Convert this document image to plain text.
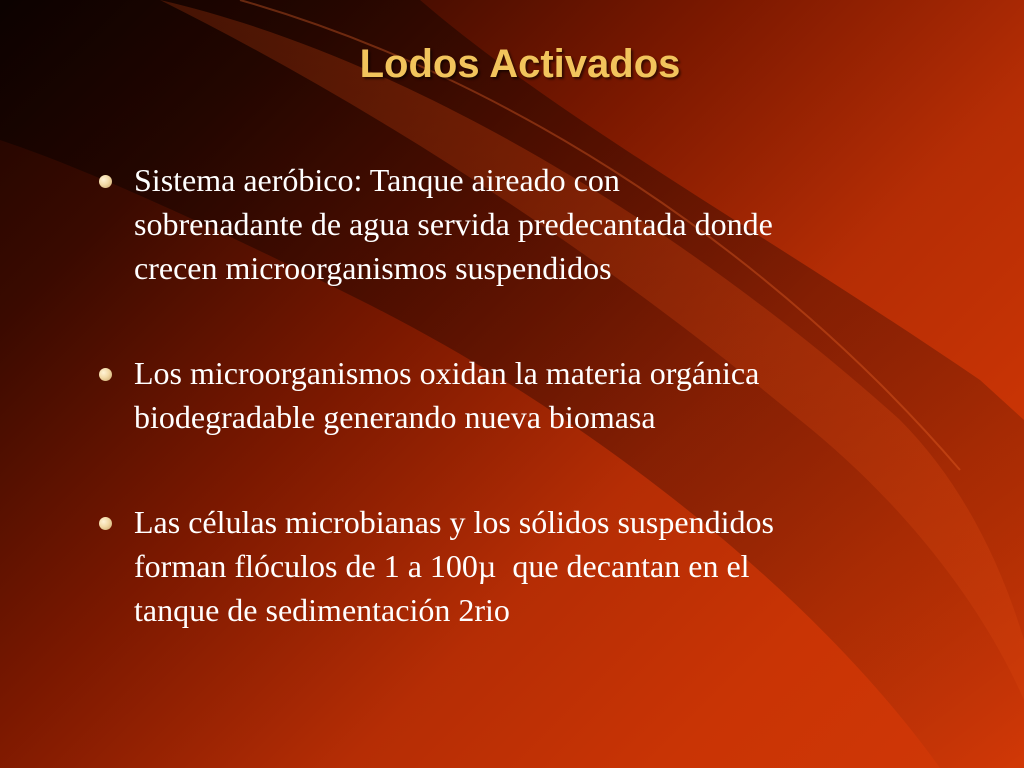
Lodos Activados
Sistema aeróbico: Tanque aireado con
sobrenadante de agua servida predecantada donde
crecen microorganismos suspendidos
Los microorganismos oxidan la materia orgánica
biodegradable generando nueva biomasa
Las células microbianas y los sólidos suspendidos
forman flóculos de 1 a 100µ  que decantan en el
tanque de sedimentación 2rio
